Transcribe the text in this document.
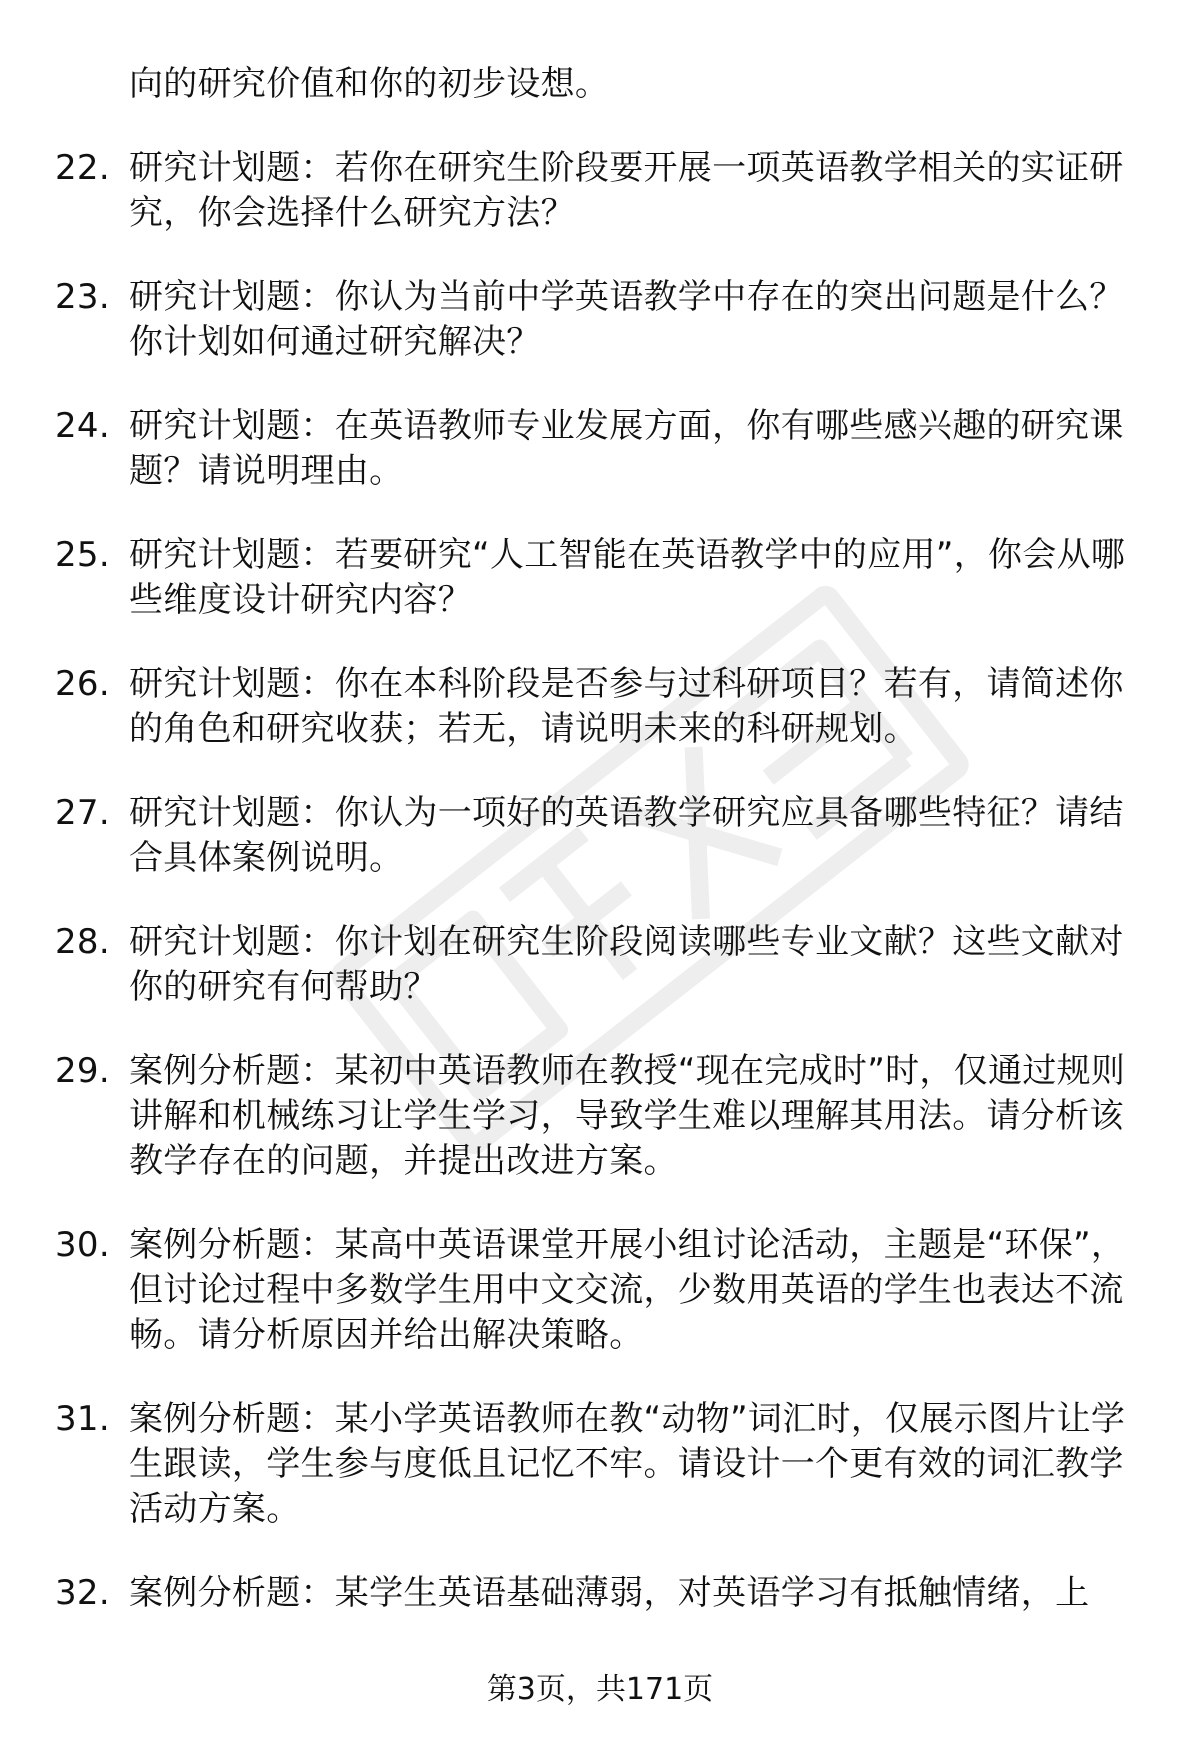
向的研究价值和你的初步设想。
22. 研究计划题：若你在研究生阶段要开展一项英语教学相关的实证研究，你会选择什么研究方法？
23. 研究计划题：你认为当前中学英语教学中存在的突出问题是什么？你计划如何通过研究解决？
24. 研究计划题：在英语教师专业发展方面，你有哪些感兴趣的研究课题？请说明理由。
25. 研究计划题：若要研究“人工智能在英语教学中的应用”，你会从哪些维度设计研究内容？
26. 研究计划题：你在本科阶段是否参与过科研项目？若有，请简述你的角色和研究收获；若无，请说明未来的科研规划。
27. 研究计划题：你认为一项好的英语教学研究应具备哪些特征？请结合具体案例说明。
28. 研究计划题：你计划在研究生阶段阅读哪些专业文献？这些文献对你的研究有何帮助？
29. 案例分析题：某初中英语教师在教授“现在完成时”时，仅通过规则讲解和机械练习让学生学习，导致学生难以理解其用法。请分析该教学存在的问题，并提出改进方案。
30. 案例分析题：某高中英语课堂开展小组讨论活动，主题是“环保”，但讨论过程中多数学生用中文交流，少数用英语的学生也表达不流畅。请分析原因并给出解决策略。
31. 案例分析题：某小学英语教师在教“动物”词汇时，仅展示图片让学生跟读，学生参与度低且记忆不牢。请设计一个更有效的词汇教学活动方案。
32. 案例分析题：某学生英语基础薄弱，对英语学习有抵触情绪，上
第3页，共171页
